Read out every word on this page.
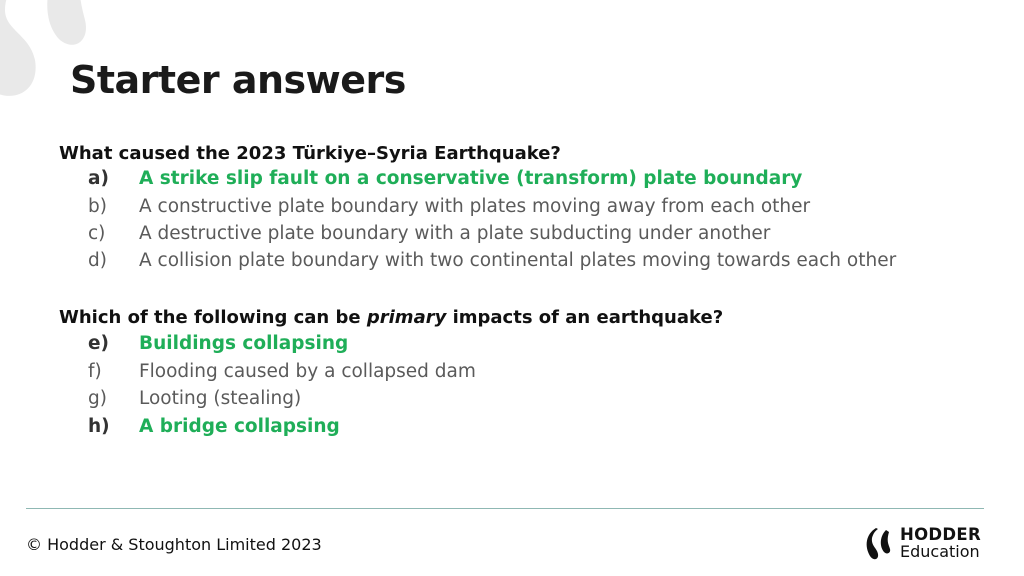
Starter answers
What caused the 2023 Türkiye–Syria Earthquake?
a) A strike slip fault on a conservative (transform) plate boundary
b) A constructive plate boundary with plates moving away from each other
c) A destructive plate boundary with a plate subducting under another
d) A collision plate boundary with two continental plates moving towards each other
Which of the following can be primary impacts of an earthquake?
e) Buildings collapsing
f) Flooding caused by a collapsed dam
g) Looting (stealing)
h) A bridge collapsing
© Hodder & Stoughton Limited 2023
HODDER
Education
